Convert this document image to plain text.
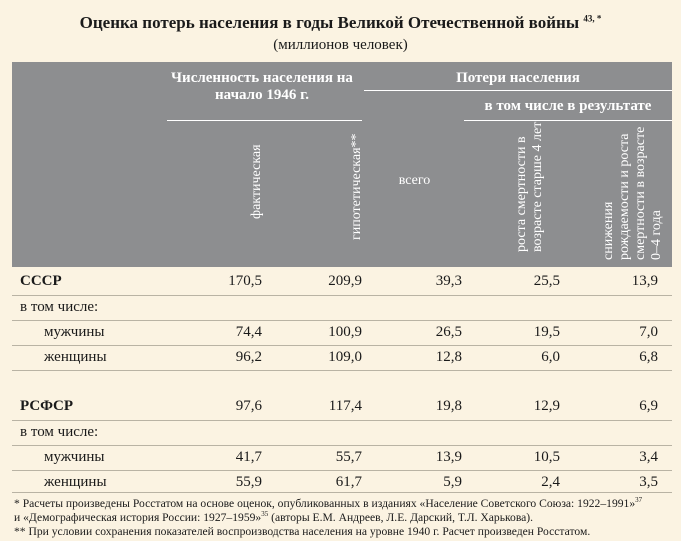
Оценка потерь населения в годы Великой Отечественной войны $^{43, *}$
(миллионов человек)
Численность населения на начало 1946 г.
Потери населения
в том числе в результате
фактическая	гипотетическая**	всего	роста смертности в возрасте старше 4 лет	снижения рождаемости и роста смертности в возрасте 0–4 года
СССР	170,5	209,9	39,3	25,5	13,9
в том числе:
мужчины	74,4	100,9	26,5	19,5	7,0
женщины	96,2	109,0	12,8	6,0	6,8
РСФСР	97,6	117,4	19,8	12,9	6,9
в том числе:
мужчины	41,7	55,7	13,9	10,5	3,4
женщины	55,9	61,7	5,9	2,4	3,5

* Расчеты произведены Росстатом на основе оценок, опубликованных в изданиях «Население Советского Союза: 1922–1991»$^{37}$

и «Демографическая история России: 1927–1959»$^{35}$ (авторы Е.М. Андреев, Л.Е. Дарский, Т.Л. Харькова).

** При условии сохранения показателей воспроизводства населения на уровне 1940 г. Расчет произведен Росстатом.
